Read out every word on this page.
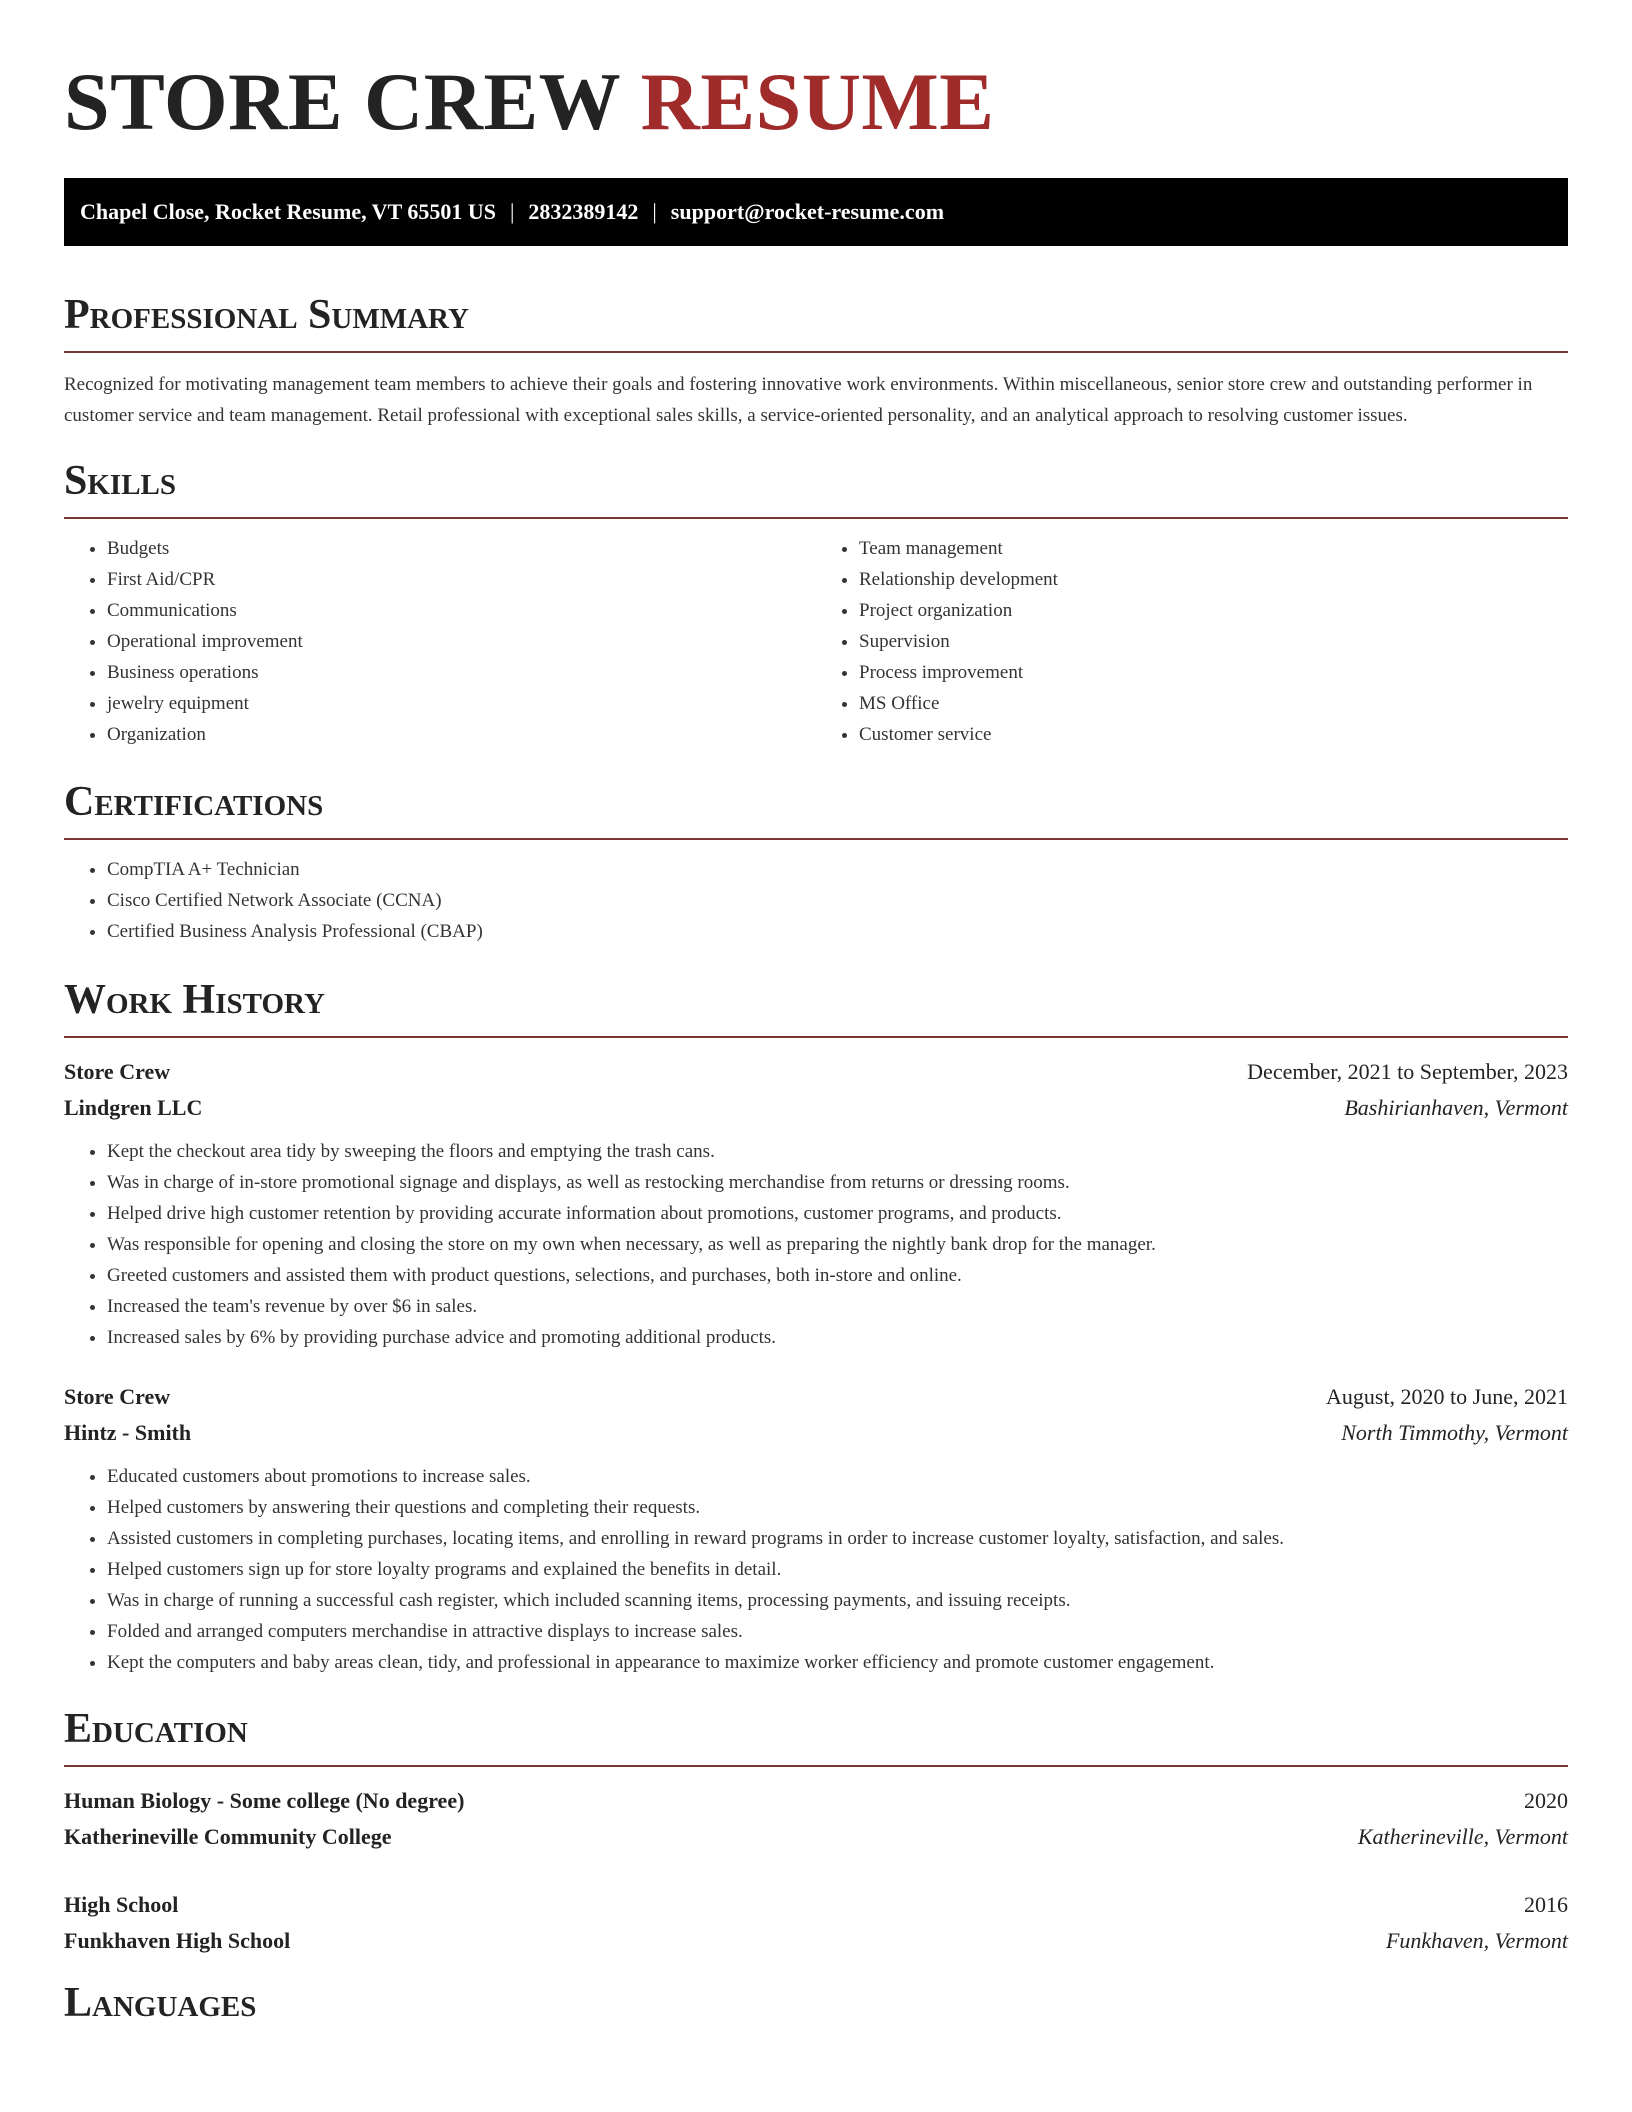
STORE CREW RESUME
Chapel Close, Rocket Resume, VT 65501 US | 2832389142 | support@rocket-resume.com
Professional Summary

Recognized for motivating management team members to achieve their goals and fostering innovative work environments. Within miscellaneous, senior store crew and outstanding performer in customer service and team management. Retail professional with exceptional sales skills, a service-oriented personality, and an analytical approach to resolving customer issues.

Skills
• Budgets
• First Aid/CPR
• Communications
• Operational improvement
• Business operations
• jewelry equipment
• Organization
• Team management
• Relationship development
• Project organization
• Supervision
• Process improvement
• MS Office
• Customer service
Certifications
• CompTIA A+ Technician
• Cisco Certified Network Associate (CCNA)
• Certified Business Analysis Professional (CBAP)
Work History
Store Crew	December, 2021 to September, 2023
Lindgren LLC	Bashirianhaven, Vermont
• Kept the checkout area tidy by sweeping the floors and emptying the trash cans.
• Was in charge of in-store promotional signage and displays, as well as restocking merchandise from returns or dressing rooms.
• Helped drive high customer retention by providing accurate information about promotions, customer programs, and products.
• Was responsible for opening and closing the store on my own when necessary, as well as preparing the nightly bank drop for the manager.
• Greeted customers and assisted them with product questions, selections, and purchases, both in-store and online.
• Increased the team's revenue by over $6 in sales.
• Increased sales by 6% by providing purchase advice and promoting additional products.
Store Crew	August, 2020 to June, 2021
Hintz - Smith	North Timmothy, Vermont
• Educated customers about promotions to increase sales.
• Helped customers by answering their questions and completing their requests.
• Assisted customers in completing purchases, locating items, and enrolling in reward programs in order to increase customer loyalty, satisfaction, and sales.
• Helped customers sign up for store loyalty programs and explained the benefits in detail.
• Was in charge of running a successful cash register, which included scanning items, processing payments, and issuing receipts.
• Folded and arranged computers merchandise in attractive displays to increase sales.
• Kept the computers and baby areas clean, tidy, and professional in appearance to maximize worker efficiency and promote customer engagement.
Education
Human Biology - Some college (No degree)	2020
Katherineville Community College	Katherineville, Vermont
High School	2016
Funkhaven High School	Funkhaven, Vermont
Languages
